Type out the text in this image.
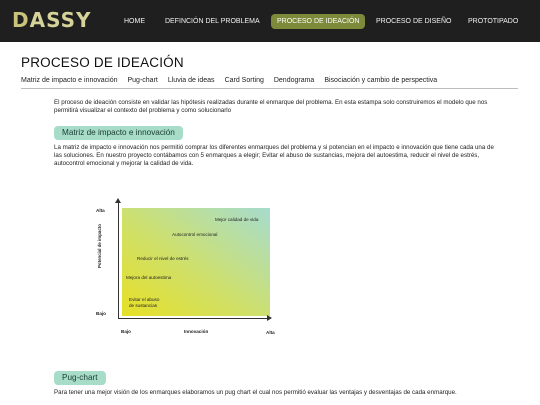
DASSY	HOME	DEFINCIÓN DEL PROBLEMA	PROCESO DE IDEACIÓN	PROCESO DE DISEÑO PROTOTIPADO
PROCESO DE IDEACIÓN
Matriz de impacto e innovación Pug-chart Lluvia de ideas Card Sorting Dendograma Bisociación y cambio de perspectiva

El proceso de ideación consiste en validar las hipótesis realizadas durante el enmarque del problema. En esta estampa solo construiremos el modelo que nos permitirá visualizar el contexto del problema y como solucionarlo

Matriz de impacto e innovación

La matriz de impacto e innovación nos permitió comprar los diferentes enmarques del problema y si potencian en el impacto e innovación que tiene cada una de las soluciones. En nuestro proyecto contábamos con 5 enmarques a elegir; Evitar el abuso de sustancias, mejora del autoestima, reducir el nivel de estrés, autocontrol emocional y mejorar la calidad de vida.

Alta
Bajo
Potencial de impacto
Bajo	Innovación	Alta
Mejor calidad de vida
Autocontrol emocional
Reducir el nivel de estrés
Mejora del autoestima
Evitar el abuso
de sustancias
Pug-chart

Para tener una mejor visión de los enmarques elaboramos un pug chart el cual nos permitió evaluar las ventajas y desventajas de cada enmarque.
